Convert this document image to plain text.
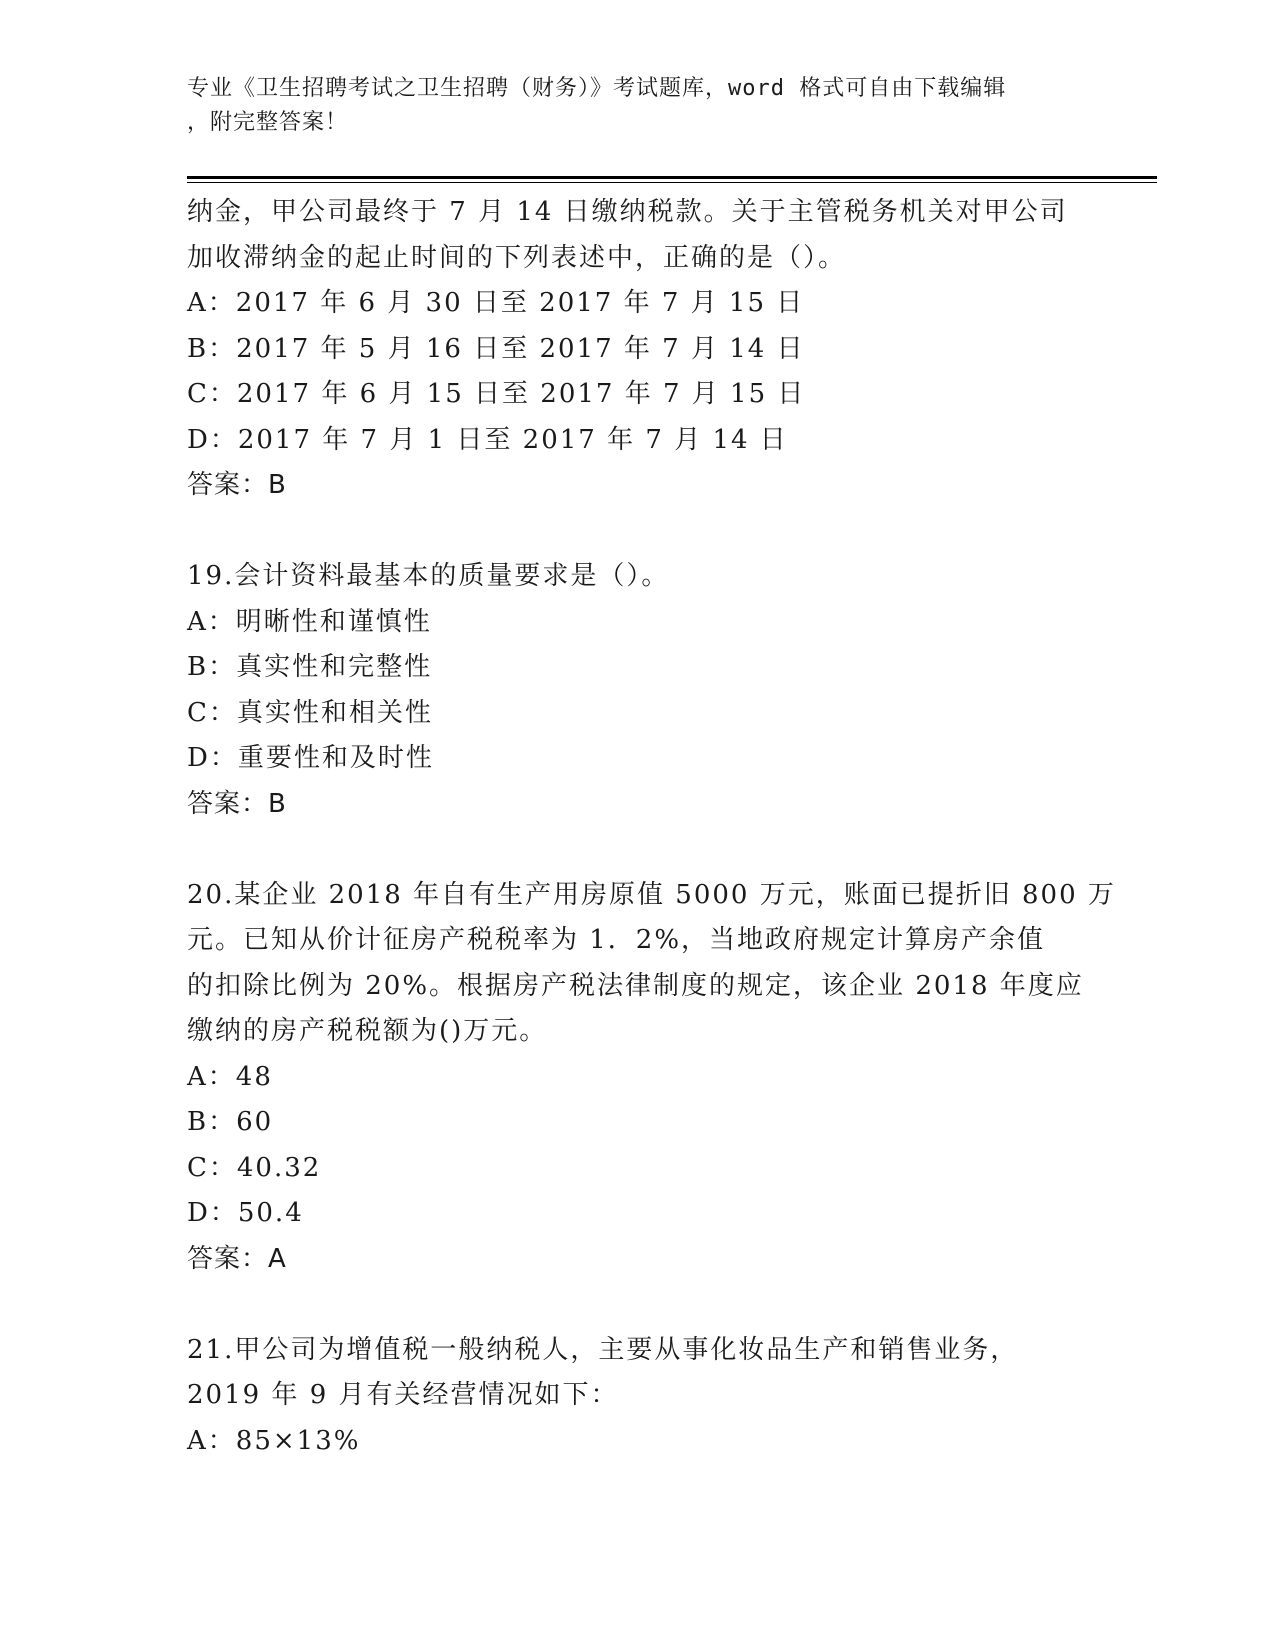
专业《卫生招聘考试之卫生招聘（财务）》考试题库，word 格式可自由下载编辑
，附完整答案！
纳金，甲公司最终于 7 月 14 日缴纳税款。关于主管税务机关对甲公司
加收滞纳金的起止时间的下列表述中，正确的是（）。
A：2017 年 6 月 30 日至 2017 年 7 月 15 日
B：2017 年 5 月 16 日至 2017 年 7 月 14 日
C：2017 年 6 月 15 日至 2017 年 7 月 15 日
D：2017 年 7 月 1 日至 2017 年 7 月 14 日
答案：B
19.会计资料最基本的质量要求是（）。
A：明晰性和谨慎性
B：真实性和完整性
C：真实性和相关性
D：重要性和及时性
答案：B
20.某企业 2018 年自有生产用房原值 5000 万元，账面已提折旧 800 万
元。已知从价计征房产税税率为 1．2%，当地政府规定计算房产余值
的扣除比例为 20%。根据房产税法律制度的规定，该企业 2018 年度应
缴纳的房产税税额为()万元。
A：48
B：60
C：40.32
D：50.4
答案：A
21.甲公司为增值税一般纳税人，主要从事化妆品生产和销售业务，
2019 年 9 月有关经营情况如下：
A：85×13%
